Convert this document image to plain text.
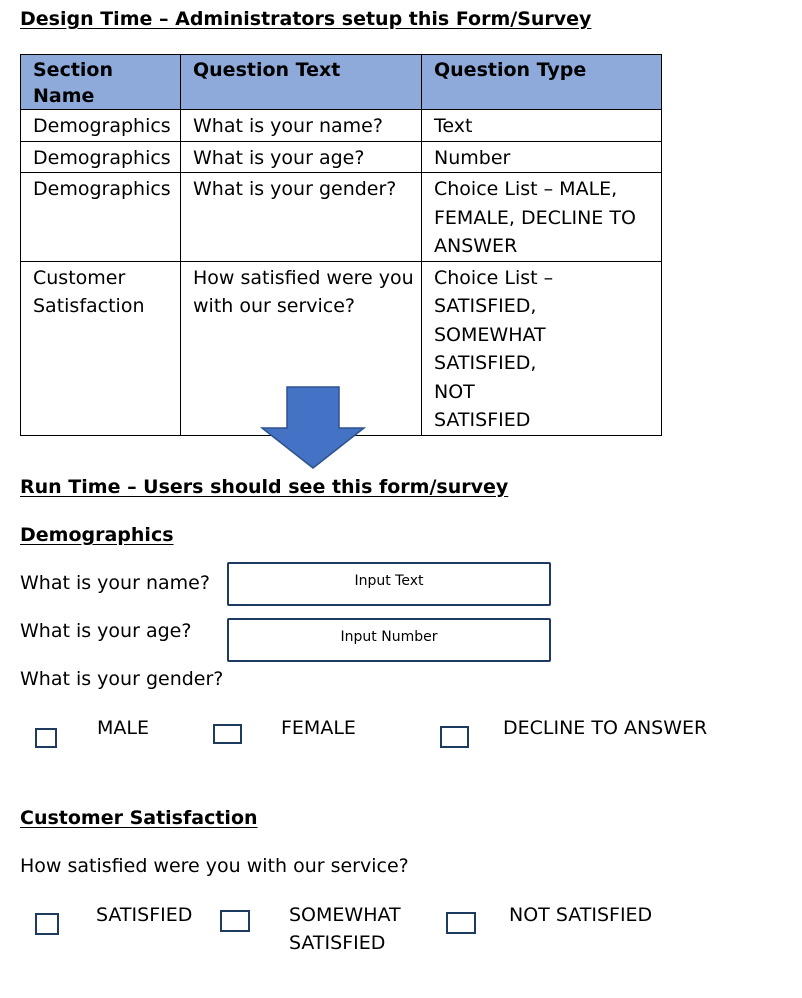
Design Time – Administrators setup this Form/Survey
Section Name	Question Text	Question Type
Demographics	What is your name?	Text
Demographics	What is your age?	Number
Demographics	What is your gender?	Choice List – MALE, FEMALE, DECLINE TO ANSWER
Customer Satisfaction	How satisfied were you with our service?	Choice List – SATISFIED, SOMEWHAT SATISFIED, NOT SATISFIED
Run Time – Users should see this form/survey
Demographics
What is your name?	Input Text
What is your age?	Input Number
What is your gender?
MALE	FEMALE	DECLINE TO ANSWER
Customer Satisfaction
How satisfied were you with our service?
SATISFIED	SOMEWHAT SATISFIED
NOT SATISFIED
